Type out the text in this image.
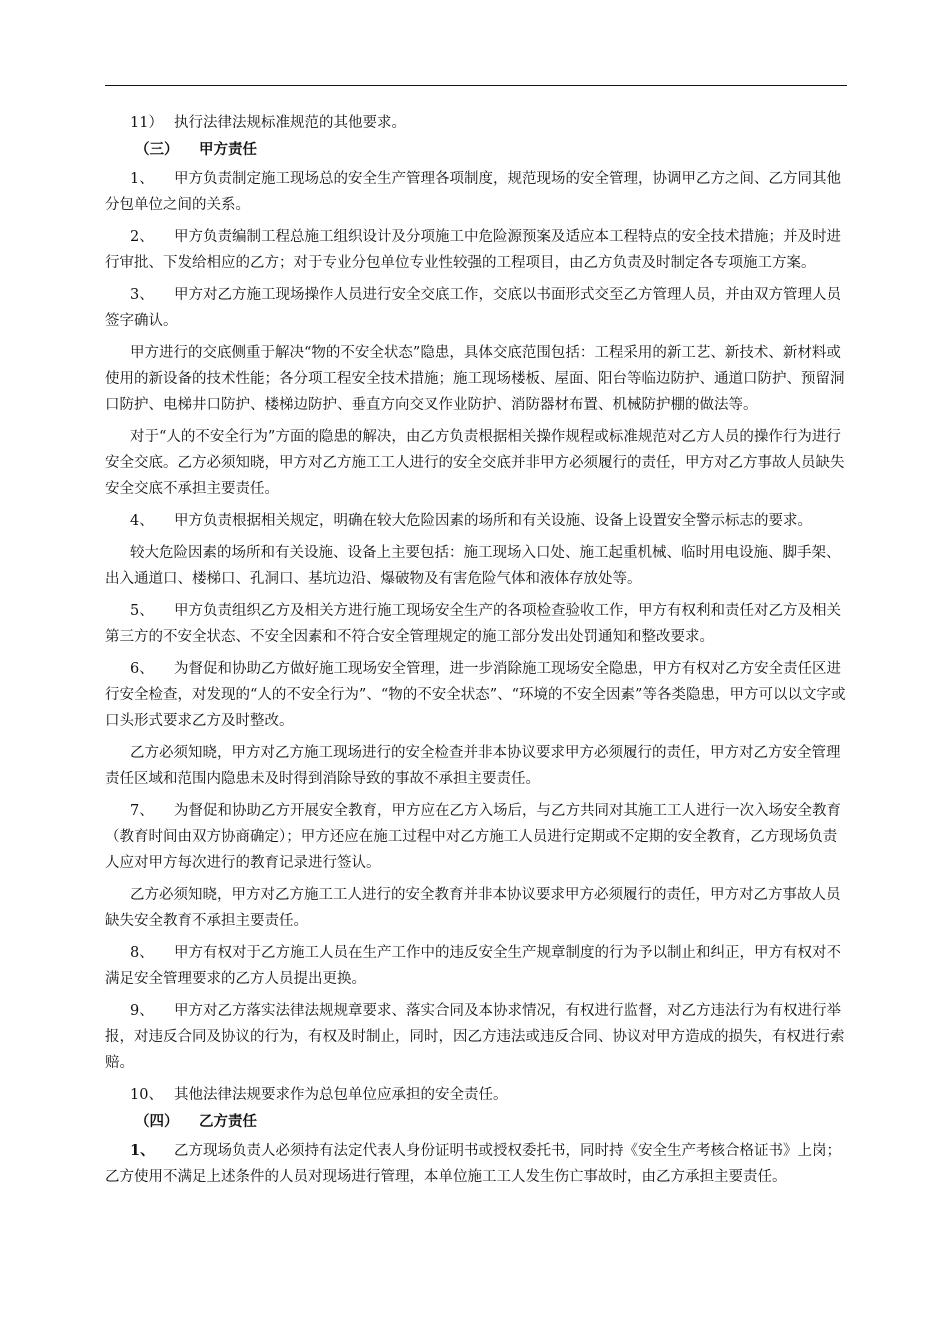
11） 执行法律法规标准规范的其他要求。

（三） 甲方责任

1、 甲方负责制定施工现场总的安全生产管理各项制度，规范现场的安全管理，协调甲乙方之间、乙方同其他分包单位之间的关系。

2、 甲方负责编制工程总施工组织设计及分项施工中危险源预案及适应本工程特点的安全技术措施；并及时进行审批、下发给相应的乙方；对于专业分包单位专业性较强的工程项目，由乙方负责及时制定各专项施工方案。

3、 甲方对乙方施工现场操作人员进行安全交底工作，交底以书面形式交至乙方管理人员，并由双方管理人员签字确认。

甲方进行的交底侧重于解决“物的不安全状态”隐患，具体交底范围包括：工程采用的新工艺、新技术、新材料或使用的新设备的技术性能；各分项工程安全技术措施；施工现场楼板、屋面、阳台等临边防护、通道口防护、预留洞口防护、电梯井口防护、楼梯边防护、垂直方向交叉作业防护、消防器材布置、机械防护棚的做法等。

对于“人的不安全行为”方面的隐患的解决，由乙方负责根据相关操作规程或标准规范对乙方人员的操作行为进行安全交底。乙方必须知晓，甲方对乙方施工工人进行的安全交底并非甲方必须履行的责任，甲方对乙方事故人员缺失安全交底不承担主要责任。

4、 甲方负责根据相关规定，明确在较大危险因素的场所和有关设施、设备上设置安全警示标志的要求。

较大危险因素的场所和有关设施、设备上主要包括：施工现场入口处、施工起重机械、临时用电设施、脚手架、出入通道口、楼梯口、孔洞口、基坑边沿、爆破物及有害危险气体和液体存放处等。

5、 甲方负责组织乙方及相关方进行施工现场安全生产的各项检查验收工作，甲方有权利和责任对乙方及相关第三方的不安全状态、不安全因素和不符合安全管理规定的施工部分发出处罚通知和整改要求。

6、 为督促和协助乙方做好施工现场安全管理，进一步消除施工现场安全隐患，甲方有权对乙方安全责任区进行安全检查，对发现的“人的不安全行为”、“物的不安全状态”、“环境的不安全因素”等各类隐患，甲方可以以文字或口头形式要求乙方及时整改。

乙方必须知晓，甲方对乙方施工现场进行的安全检查并非本协议要求甲方必须履行的责任，甲方对乙方安全管理责任区域和范围内隐患未及时得到消除导致的事故不承担主要责任。

7、 为督促和协助乙方开展安全教育，甲方应在乙方入场后，与乙方共同对其施工工人进行一次入场安全教育（教育时间由双方协商确定）；甲方还应在施工过程中对乙方施工人员进行定期或不定期的安全教育，乙方现场负责人应对甲方每次进行的教育记录进行签认。

乙方必须知晓，甲方对乙方施工工人进行的安全教育并非本协议要求甲方必须履行的责任，甲方对乙方事故人员缺失安全教育不承担主要责任。

8、 甲方有权对于乙方施工人员在生产工作中的违反安全生产规章制度的行为予以制止和纠正，甲方有权对不满足安全管理要求的乙方人员提出更换。

9、 甲方对乙方落实法律法规规章要求、落实合同及本协求情况，有权进行监督，对乙方违法行为有权进行举报，对违反合同及协议的行为，有权及时制止，同时，因乙方违法或违反合同、协议对甲方造成的损失，有权进行索赔。

10、 其他法律法规要求作为总包单位应承担的安全责任。

（四） 乙方责任

1、 乙方现场负责人必须持有法定代表人身份证明书或授权委托书，同时持《安全生产考核合格证书》上岗；乙方使用不满足上述条件的人员对现场进行管理，本单位施工工人发生伤亡事故时，由乙方承担主要责任。
